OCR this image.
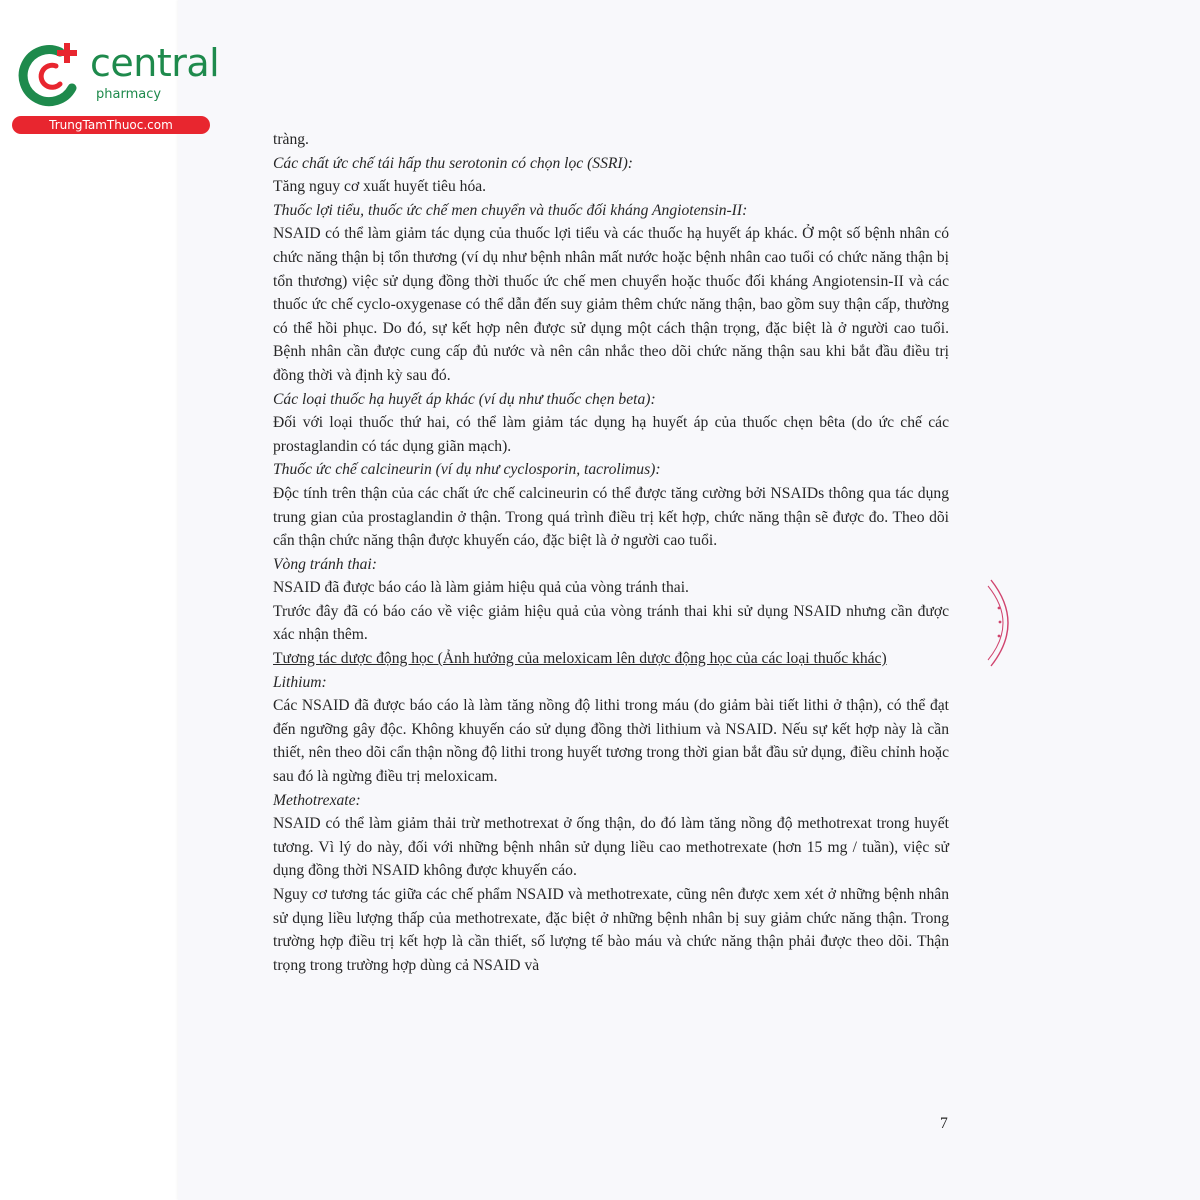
central
pharmacy
TrungTamThuoc.com

tràng.

Các chất ức chế tái hấp thu serotonin có chọn lọc (SSRI):

Tăng nguy cơ xuất huyết tiêu hóa.

Thuốc lợi tiểu, thuốc ức chế men chuyển và thuốc đối kháng Angiotensin-II:

NSAID có thể làm giảm tác dụng của thuốc lợi tiểu và các thuốc hạ huyết áp khác. Ở một số bệnh nhân có chức năng thận bị tổn thương (ví dụ như bệnh nhân mất nước hoặc bệnh nhân cao tuổi có chức năng thận bị tổn thương) việc sử dụng đồng thời thuốc ức chế men chuyển hoặc thuốc đối kháng Angiotensin-II và các thuốc ức chế cyclo-oxygenase có thể dẫn đến suy giảm thêm chức năng thận, bao gồm suy thận cấp, thường có thể hồi phục. Do đó, sự kết hợp nên được sử dụng một cách thận trọng, đặc biệt là ở người cao tuổi. Bệnh nhân cần được cung cấp đủ nước và nên cân nhắc theo dõi chức năng thận sau khi bắt đầu điều trị đồng thời và định kỳ sau đó.

Các loại thuốc hạ huyết áp khác (ví dụ như thuốc chẹn beta):

Đối với loại thuốc thứ hai, có thể làm giảm tác dụng hạ huyết áp của thuốc chẹn bêta (do ức chế các prostaglandin có tác dụng giãn mạch).

Thuốc ức chế calcineurin (ví dụ như cyclosporin, tacrolimus):

Độc tính trên thận của các chất ức chế calcineurin có thể được tăng cường bởi NSAIDs thông qua tác dụng trung gian của prostaglandin ở thận. Trong quá trình điều trị kết hợp, chức năng thận sẽ được đo. Theo dõi cẩn thận chức năng thận được khuyến cáo, đặc biệt là ở người cao tuổi.

Vòng tránh thai:

NSAID đã được báo cáo là làm giảm hiệu quả của vòng tránh thai.

Trước đây đã có báo cáo về việc giảm hiệu quả của vòng tránh thai khi sử dụng NSAID nhưng cần được xác nhận thêm.

Tương tác dược động học (Ảnh hưởng của meloxicam lên dược động học của các loại thuốc khác)

Lithium:

Các NSAID đã được báo cáo là làm tăng nồng độ lithi trong máu (do giảm bài tiết lithi ở thận), có thể đạt đến ngưỡng gây độc. Không khuyến cáo sử dụng đồng thời lithium và NSAID. Nếu sự kết hợp này là cần thiết, nên theo dõi cẩn thận nồng độ lithi trong huyết tương trong thời gian bắt đầu sử dụng, điều chỉnh hoặc sau đó là ngừng điều trị meloxicam.

Methotrexate:

NSAID có thể làm giảm thải trừ methotrexat ở ống thận, do đó làm tăng nồng độ methotrexat trong huyết tương. Vì lý do này, đối với những bệnh nhân sử dụng liều cao methotrexate (hơn 15 mg / tuần), việc sử dụng đồng thời NSAID không được khuyến cáo.

Nguy cơ tương tác giữa các chế phẩm NSAID và methotrexate, cũng nên được xem xét ở những bệnh nhân sử dụng liều lượng thấp của methotrexate, đặc biệt ở những bệnh nhân bị suy giảm chức năng thận. Trong trường hợp điều trị kết hợp là cần thiết, số lượng tế bào máu và chức năng thận phải được theo dõi. Thận trọng trong trường hợp dùng cả NSAID và

7
